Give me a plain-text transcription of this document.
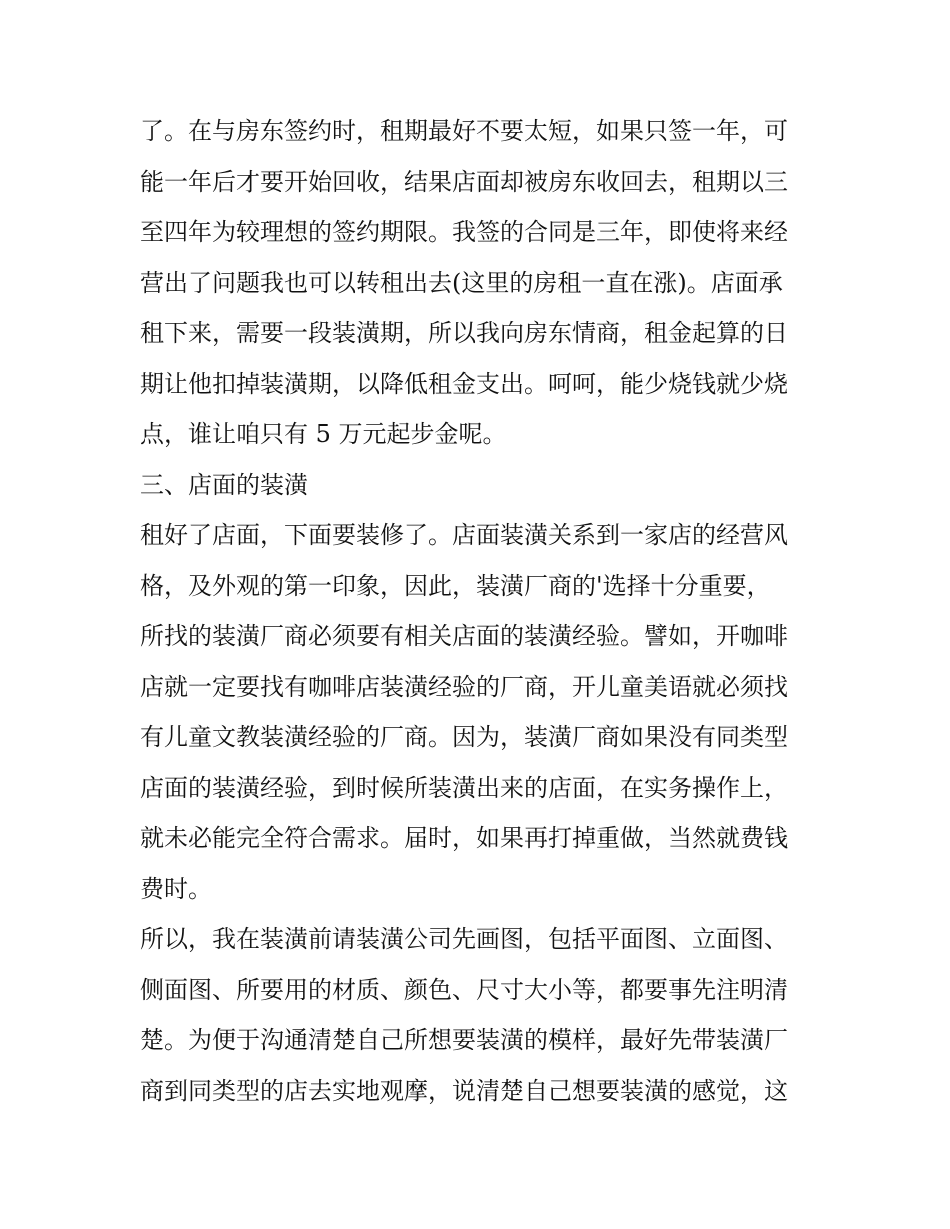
了。在与房东签约时，租期最好不要太短，如果只签一年，可
能一年后才要开始回收，结果店面却被房东收回去，租期以三
至四年为较理想的签约期限。我签的合同是三年，即使将来经
营出了问题我也可以转租出去(这里的房租一直在涨)。店面承
租下来，需要一段装潢期，所以我向房东情商，租金起算的日
期让他扣掉装潢期，以降低租金支出。呵呵，能少烧钱就少烧
点，谁让咱只有 5 万元起步金呢。
三、店面的装潢
租好了店面，下面要装修了。店面装潢关系到一家店的经营风
格，及外观的第一印象，因此，装潢厂商的'选择十分重要，
所找的装潢厂商必须要有相关店面的装潢经验。譬如，开咖啡
店就一定要找有咖啡店装潢经验的厂商，开儿童美语就必须找
有儿童文教装潢经验的厂商。因为，装潢厂商如果没有同类型
店面的装潢经验，到时候所装潢出来的店面，在实务操作上，
就未必能完全符合需求。届时，如果再打掉重做，当然就费钱
费时。
所以，我在装潢前请装潢公司先画图，包括平面图、立面图、
侧面图、所要用的材质、颜色、尺寸大小等，都要事先注明清
楚。为便于沟通清楚自己所想要装潢的模样，最好先带装潢厂
商到同类型的店去实地观摩，说清楚自己想要装潢的感觉，这
